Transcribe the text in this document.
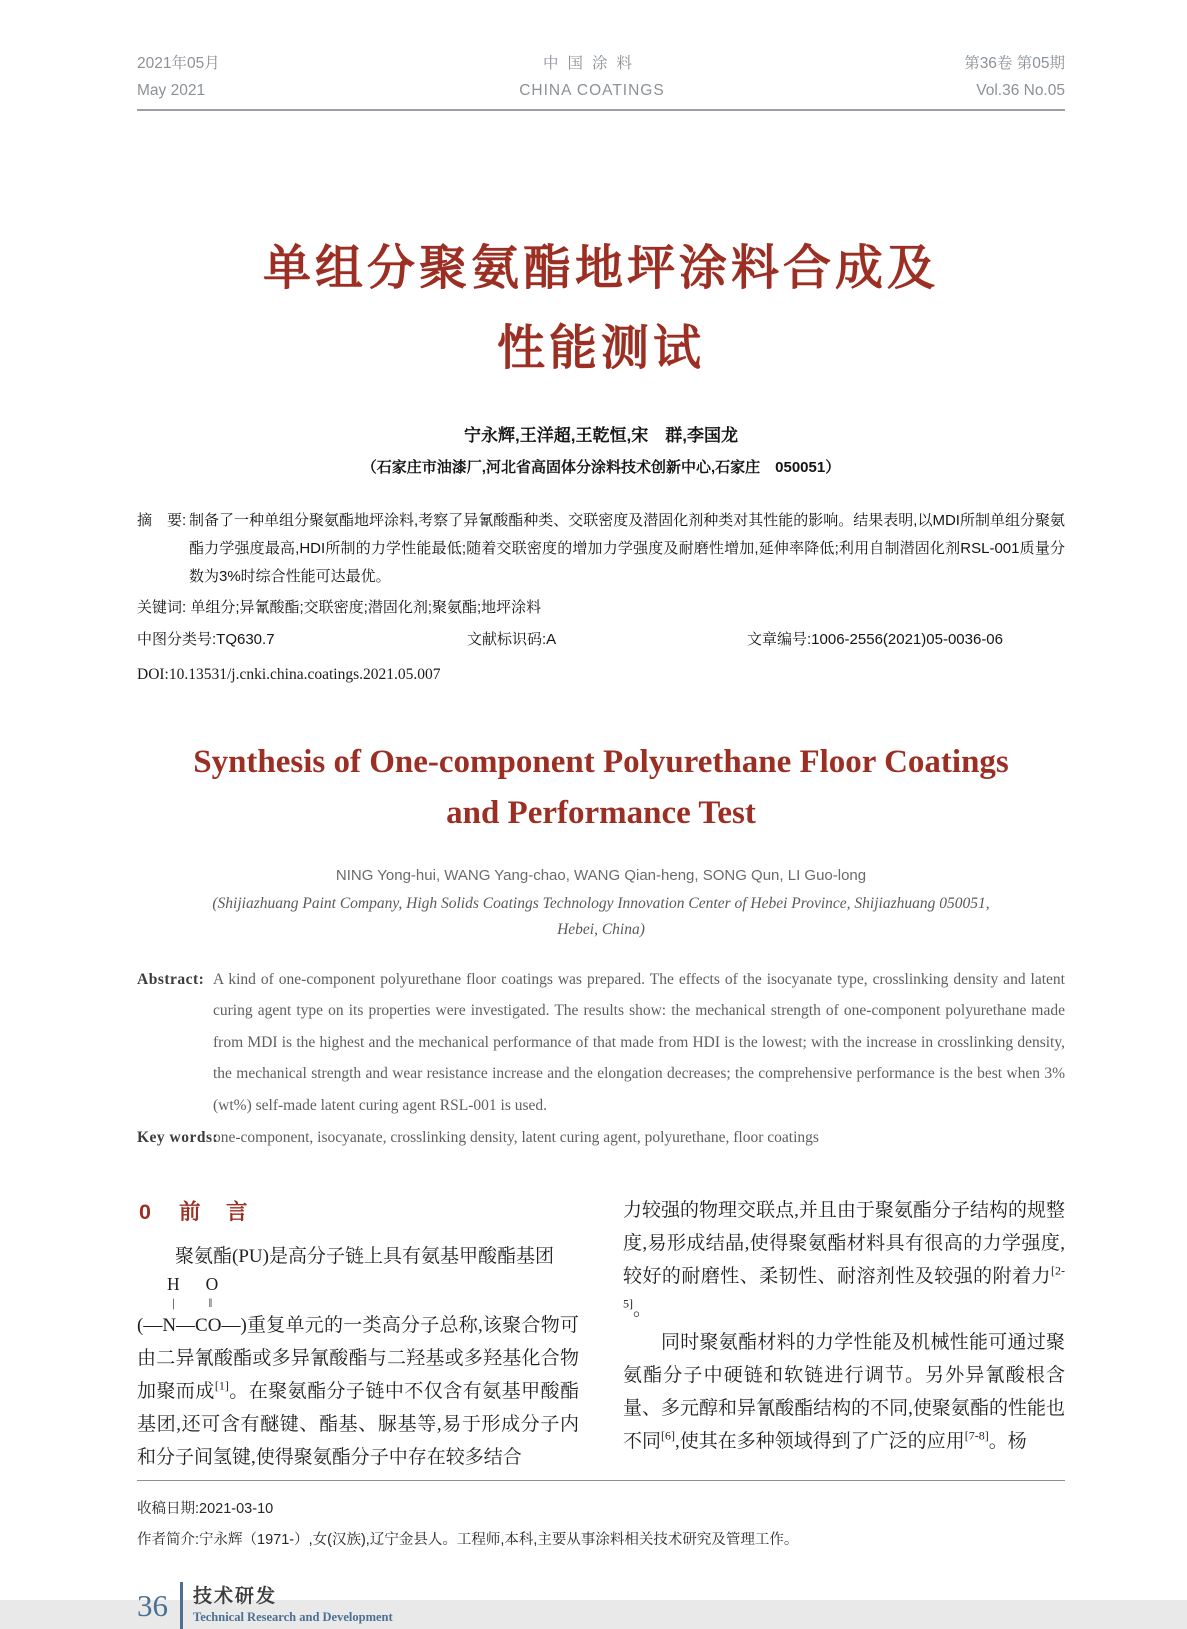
2021年05月
May 2021
中国涂料
CHINA COATINGS
第36卷 第05期
Vol.36 No.05
单组分聚氨酯地坪涂料合成及
性能测试
宁永辉,王洋超,王乾恒,宋　群,李国龙
（石家庄市油漆厂,河北省高固体分涂料技术创新中心,石家庄　050051）
摘　要: 制备了一种单组分聚氨酯地坪涂料,考察了异氰酸酯种类、交联密度及潜固化剂种类对其性能的影响。结果表明,以MDI所制单组分聚氨酯力学强度最高,HDI所制的力学性能最低;随着交联密度的增加力学强度及耐磨性增加,延伸率降低;利用自制潜固化剂RSL-001质量分数为3%时综合性能可达最优。
关键词: 单组分;异氰酸酯;交联密度;潜固化剂;聚氨酯;地坪涂料
中图分类号:TQ630.7	文献标识码:A	文章编号:1006-2556(2021)05-0036-06
DOI:10.13531/j.cnki.china.coatings.2021.05.007
Synthesis of One-component Polyurethane Floor Coatings
and Performance Test
NING Yong-hui, WANG Yang-chao, WANG Qian-heng, SONG Qun, LI Guo-long
(Shijiazhuang Paint Company, High Solids Coatings Technology Innovation Center of Hebei Province, Shijiazhuang 050051,
Hebei, China)
Abstract: A kind of one-component polyurethane floor coatings was prepared. The effects of the isocyanate type, crosslinking density and latent curing agent type on its properties were investigated. The results show: the mechanical strength of one-component polyurethane made from MDI is the highest and the mechanical performance of that made from HDI is the lowest; with the increase in crosslinking density, the mechanical strength and wear resistance increase and the elongation decreases; the comprehensive performance is the best when 3% (wt%) self-made latent curing agent RSL-001 is used.
Key words:
one-component, isocyanate, crosslinking density, latent curing agent, polyurethane, floor coatings
0 前　言

聚氨酯(PU)是高分子链上具有氨基甲酸酯基团

H O
|	‖

(—N—CO—)重复单元的一类高分子总称,该聚合物可由二异氰酸酯或多异氰酸酯与二羟基或多羟基化合物加聚而成[1]。在聚氨酯分子链中不仅含有氨基甲酸酯基团,还可含有醚键、酯基、脲基等,易于形成分子内和分子间氢键,使得聚氨酯分子中存在较多结合

力较强的物理交联点,并且由于聚氨酯分子结构的规整度,易形成结晶,使得聚氨酯材料具有很高的力学强度,较好的耐磨性、柔韧性、耐溶剂性及较强的附着力[2-5]。

同时聚氨酯材料的力学性能及机械性能可通过聚氨酯分子中硬链和软链进行调节。另外异氰酸根含量、多元醇和异氰酸酯结构的不同,使聚氨酯的性能也不同[6],使其在多种领域得到了广泛的应用[7-8]。杨

收稿日期:2021-03-10
作者简介:宁永辉（1971-）,女(汉族),辽宁金县人。工程师,本科,主要从事涂料相关技术研究及管理工作。
36 技术研发
Technical Research and Development
